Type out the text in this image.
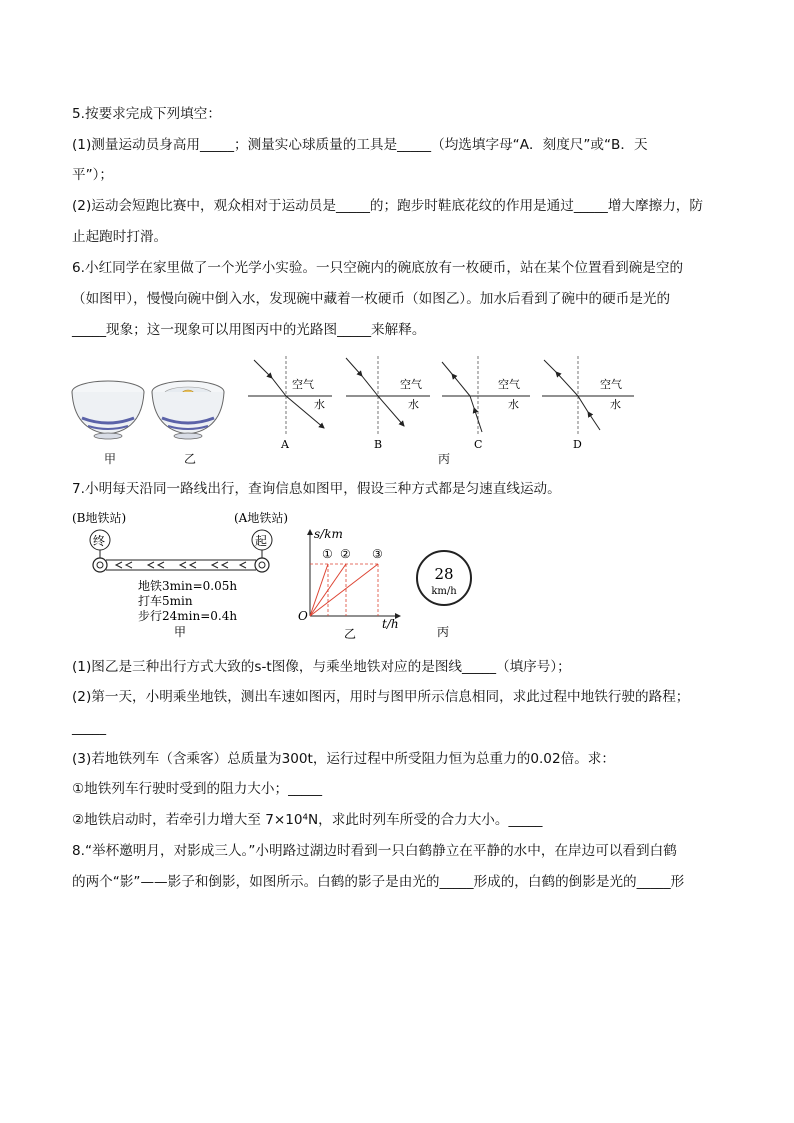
5.按要求完成下列填空：
(1)测量运动员身高用_____；测量实心球质量的工具是_____（均选填字母“A．刻度尺”或“B．天
平”）；
(2)运动会短跑比赛中，观众相对于运动员是_____的；跑步时鞋底花纹的作用是通过_____增大摩擦力，防
止起跑时打滑。
6.小红同学在家里做了一个光学小实验。一只空碗内的碗底放有一枚硬币，站在某个位置看到碗是空的
（如图甲），慢慢向碗中倒入水，发现碗中藏着一枚硬币（如图乙）。加水后看到了碗中的硬币是光的
_____现象；这一现象可以用图丙中的光路图_____来解释。
甲	乙
空气
水
A
空气
水
B
空气
水
C
空气
水
D
丙
7.小明每天沿同一路线出行，查询信息如图甲，假设三种方式都是匀速直线运动。
(B地铁站)	(A地铁站)
终	起
地铁3min=0.05h
打车5min
步行24min=0.4h
甲
s/km
t/h
O
① ② ③
乙
28
km/h
丙
(1)图乙是三种出行方式大致的s-t图像，与乘坐地铁对应的是图线_____（填序号）；
(2)第一天，小明乘坐地铁，测出车速如图丙，用时与图甲所示信息相同，求此过程中地铁行驶的路程；
_____
(3)若地铁列车（含乘客）总质量为300t，运行过程中所受阻力恒为总重力的0.02倍。求：
①地铁列车行驶时受到的阻力大小；_____
②地铁启动时，若牵引力增大至 7×10⁴N，求此时列车所受的合力大小。_____
8.“举杯邀明月，对影成三人。”小明路过湖边时看到一只白鹤静立在平静的水中，在岸边可以看到白鹤
的两个“影”——影子和倒影，如图所示。白鹤的影子是由光的_____形成的，白鹤的倒影是光的_____形
